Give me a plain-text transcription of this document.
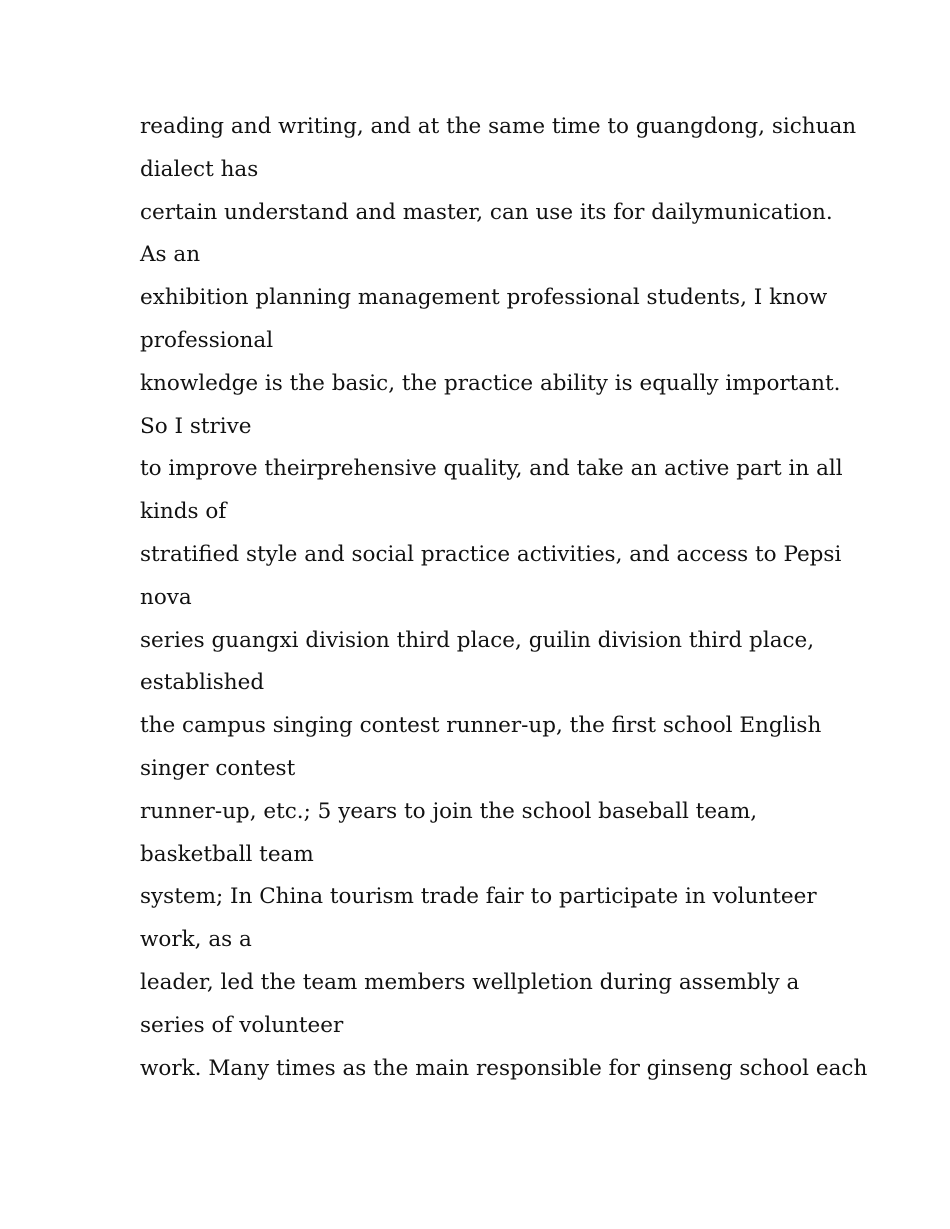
reading and writing, and at the same time to guangdong, sichuan
dialect has
certain understand and master, can use its for dailymunication.
As an
exhibition planning management professional students, I know
professional
knowledge is the basic, the practice ability is equally important.
So I strive
to improve theirprehensive quality, and take an active part in all
kinds of
stratified style and social practice activities, and access to Pepsi
nova
series guangxi division third place, guilin division third place,
established
the campus singing contest runner-up, the first school English
singer contest
runner-up, etc.; 5 years to join the school baseball team,
basketball team
system; In China tourism trade fair to participate in volunteer
work, as a
leader, led the team members wellpletion during assembly a
series of volunteer
work. Many times as the main responsible for ginseng school each
